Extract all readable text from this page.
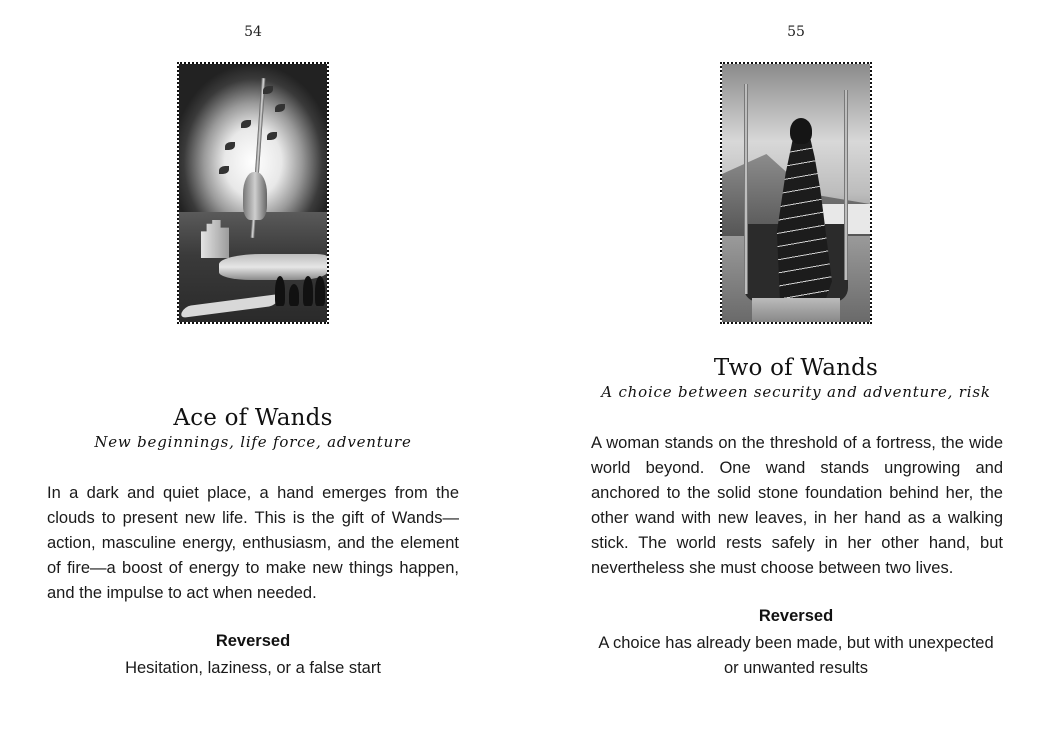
54
Ace of Wands
New beginnings, life force, adventure

In a dark and quiet place, a hand emerges from the clouds to present new life. This is the gift of Wands—action, masculine energy, enthusiasm, and the element of fire—a boost of energy to make new things happen, and the impulse to act when needed.

Reversed
Hesitation, laziness, or a false start
55
Two of Wands
A choice between security and adventure, risk

A woman stands on the threshold of a fortress, the wide world beyond. One wand stands ungrowing and anchored to the solid stone foundation behind her, the other wand with new leaves, in her hand as a walking stick. The world rests safely in her other hand, but nevertheless she must choose between two lives.

Reversed
A choice has already been made, but with unexpected or unwanted results
